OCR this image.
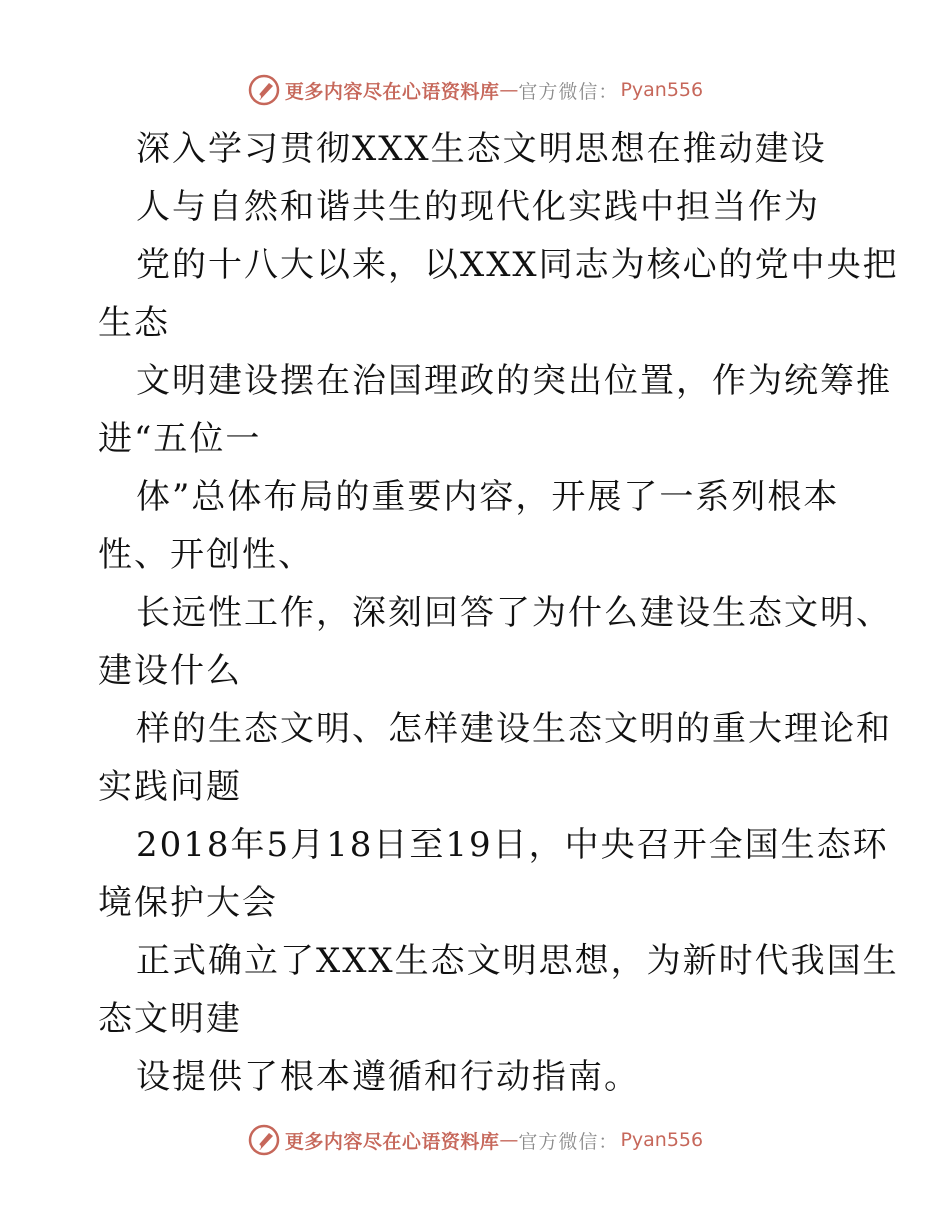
更多内容尽在心语资料库 — 官方微信： Pyan556
深入学习贯彻XXX生态文明思想在推动建设
人与自然和谐共生的现代化实践中担当作为
党的十八大以来，以XXX同志为核心的党中央把
生态
文明建设摆在治国理政的突出位置，作为统筹推
进“五位一
体”总体布局的重要内容，开展了一系列根本
性、开创性、
长远性工作，深刻回答了为什么建设生态文明、
建设什么
样的生态文明、怎样建设生态文明的重大理论和
实践问题
2018年5月18日至19日，中央召开全国生态环
境保护大会
正式确立了XXX生态文明思想，为新时代我国生
态文明建
设提供了根本遵循和行动指南。
更多内容尽在心语资料库 — 官方微信： Pyan556
